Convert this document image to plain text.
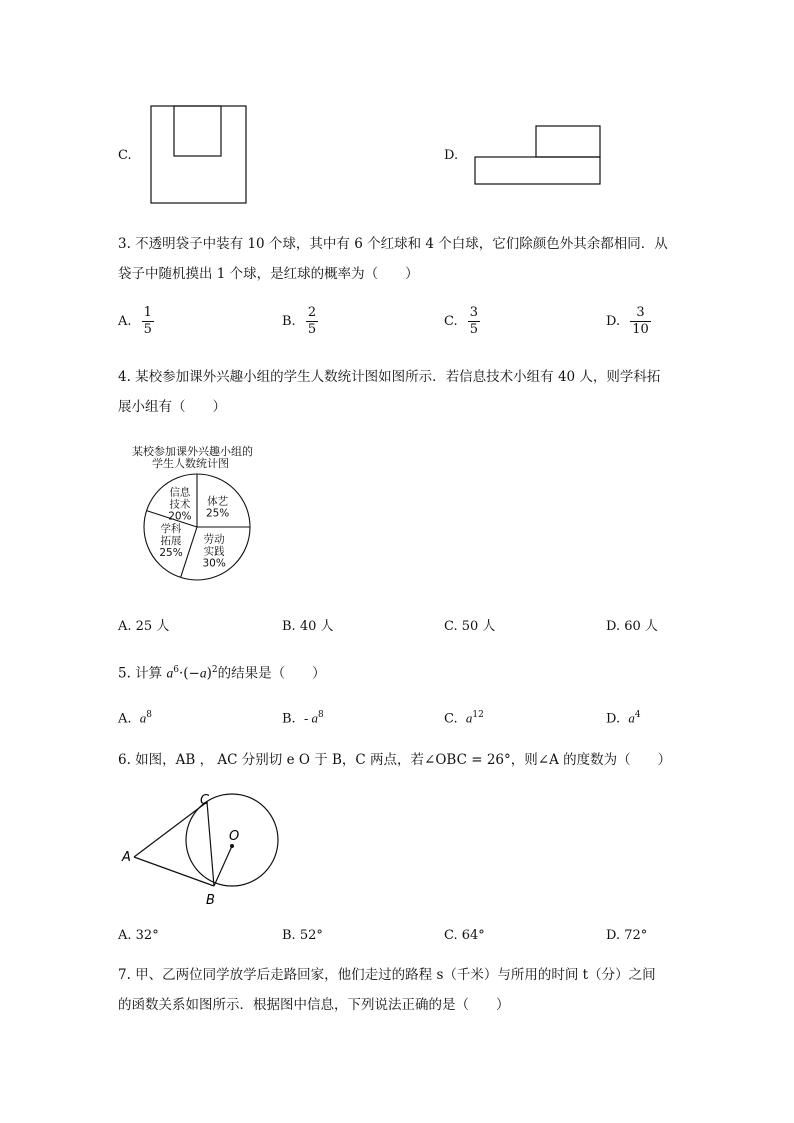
C.	D.
3. 不透明袋子中装有 10 个球，其中有 6 个红球和 4 个白球，它们除颜色外其余都相同．从
袋子中随机摸出 1 个球，是红球的概率为（　　）
A. $\frac{1}{5}$	B. $\frac{2}{5}$	C. $\frac{3}{5}$	D. $\frac{3}{10}$
4. 某校参加课外兴趣小组的学生人数统计图如图所示．若信息技术小组有 40 人，则学科拓
展小组有（　　）
某校参加课外兴趣小组的
学生人数统计图
信息技术 20%
体艺 25%
劳动实践 30%
学科拓展 25%
A. 25 人	B. 40 人	C. 50 人	D. 60 人
5. 计算 $a^6\cdot(-a)^2$的结果是（　　）
A. $a^8$	B. - $a^8$	C. $a^{12}$	D. $a^4$
6. 如图，AB ， AC 分别切 e O 于 B，C 两点，若∠OBC = 26°，则∠A 的度数为（　　）
A
C
O
B
A. 32°	B. 52°	C. 64°	D. 72°
7. 甲、乙两位同学放学后走路回家，他们走过的路程 s（千米）与所用的时间 t（分）之间
的函数关系如图所示．根据图中信息，下列说法正确的是（　　）
